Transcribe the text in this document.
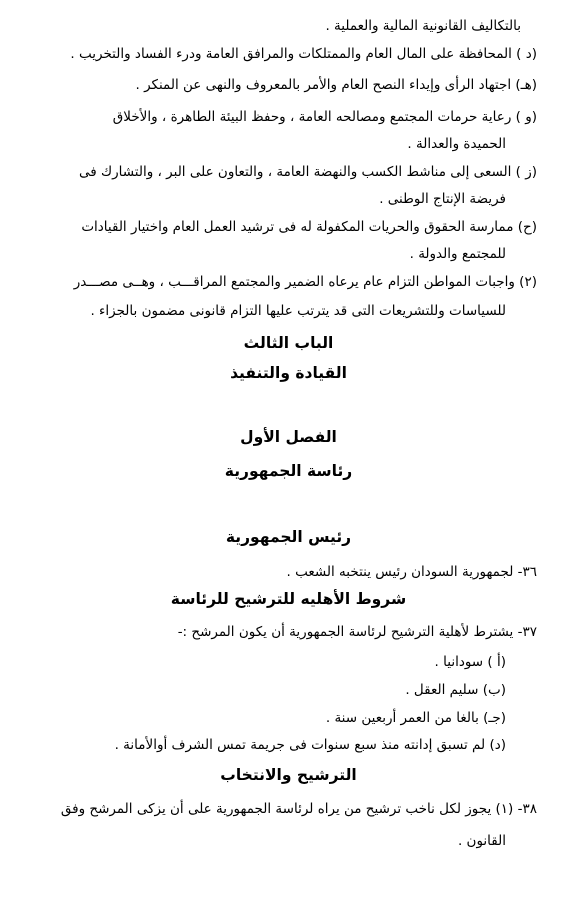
بالتكاليف القانونية المالية والعملية .
(د ) المحافظة على المال العام والممتلكات والمرافق العامة ودرء الفساد والتخريب .
(هـ) اجتهاد الرأى وإيداء النصح العام والأمر بالمعروف والنهى عن المنكر .
(و ) رعاية حرمات المجتمع ومصالحه العامة ، وحفظ البيئة الطاهرة ، والأخلاق
الحميدة والعدالة .
(ز ) السعى إلى مناشط الكسب والنهضة العامة ، والتعاون على البر ، والتشارك فى
فريضة الإنتاج الوطنى .
(ح) ممارسة الحقوق والحريات المكفولة له فى ترشيد العمل العام واختيار القيادات
للمجتمع والدولة .
(٢) واجبات المواطن التزام عام يرعاه الضمير والمجتمع المراقـــب ، وهــى مصـــدر
للسياسات وللتشريعات التى قد يترتب عليها التزام قانونى مضمون بالجزاء .
الباب الثالث
القيادة والتنفيذ
الفصل الأول
رئاسة الجمهورية
رئيس الجمهورية
٣٦- لجمهورية السودان رئيس ينتخبه الشعب .
شروط الأهليه للترشيح للرئاسة
٣٧- يشترط لأهلية الترشيح لرئاسة الجمهورية أن يكون المرشح :-
(أ ) سودانيا .
(ب) سليم العقل .
(جـ) بالغا من العمر أربعين سنة .
(د) لم تسبق إدانته منذ سبع سنوات فى جريمة تمس الشرف أوالأمانة .
الترشيح والانتخاب
٣٨- (١) يجوز لكل ناخب ترشيح من يراه لرئاسة الجمهورية على أن يزكى المرشح وفق
القانون .
